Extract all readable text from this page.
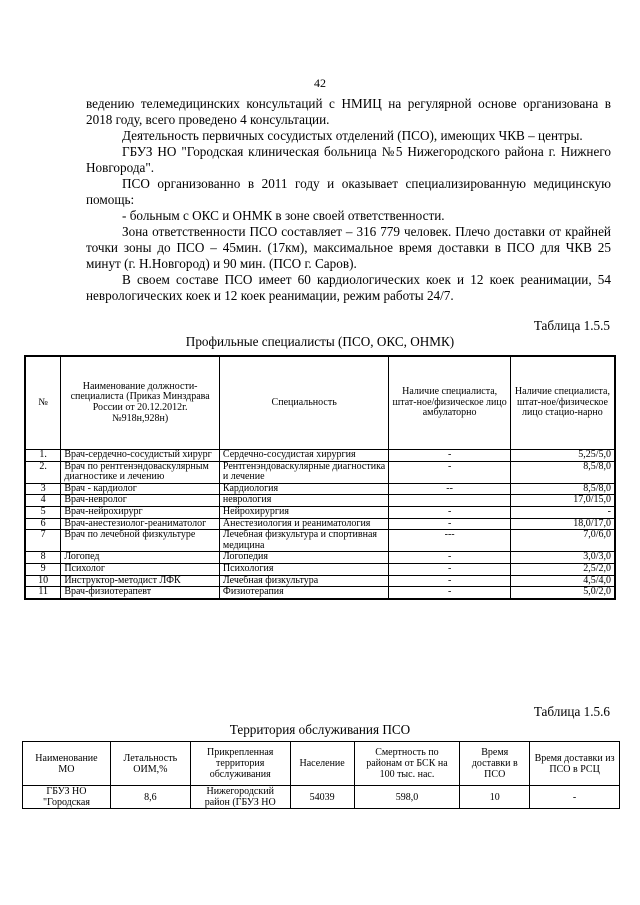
42

ведению телемедицинских консультаций с НМИЦ на регулярной основе организована в 2018 году, всего проведено 4 консультации.

Деятельность первичных сосудистых отделений (ПСО), имеющих ЧКВ – центры.

ГБУЗ НО "Городская клиническая больница №5 Нижегородского района г. Нижнего Новгорода".

ПСО организованно в 2011 году и оказывает специализированную медицинскую помощь:

- больным с ОКС и ОНМК в зоне своей ответственности.

Зона ответственности ПСО составляет – 316 779 человек. Плечо доставки от крайней точки зоны до ПСО – 45мин. (17км), максимальное время доставки в ПСО для ЧКВ 25 минут (г. Н.Новгород) и 90 мин. (ПСО г. Саров).

В своем составе ПСО имеет 60 кардиологических коек и 12 коек реанимации, 54 неврологических коек и 12 коек реанимации, режим работы 24/7.

Таблица 1.5.5
Профильные специалисты (ПСО, ОКС, ОНМК)
№	Наименование должности-специалиста (Приказ Минздрава России от 20.12.2012г. №918н,928н)	Специальность	Наличие специалиста, штат-ное/физическое лицо амбулаторно	Наличие специалиста, штат-ное/физическое лицо стацио-нарно
1.	Врач-сердечно-сосудистый хирург	Сердечно-сосудистая хирургия	-	5,25/5,0
2.	Врач по рентгенэндоваскулярным диагностике и лечению	Рентгенэндоваскулярные диагностика и лечение	-	8,5/8,0
3	Врач - кардиолог	Кардиология	--	8,5/8,0
4	Врач-невролог	неврология		17,0/15,0
5	Врач-нейрохирург	Нейрохирургия	-	-
6	Врач-анестезиолог-реаниматолог	Анестезиология и реаниматология	-	18,0/17,0
7	Врач по лечебной физкультуре	Лечебная физкультура и спортивная медицина	---	7,0/6,0
8	Логопед	Логопедия	-	3,0/3,0
9	Психолог	Психология	-	2,5/2,0
10	Инструктор-методист ЛФК	Лечебная физкультура	-	4,5/4,0
11	Врач-физиотерапевт	Физиотерапия	-	5,0/2,0
Таблица 1.5.6
Территория обслуживания ПСО
Наименование МО	Летальность ОИМ,%	Прикрепленная территория обслуживания	Население	Смертность по районам от БСК на 100 тыс. нас.	Время доставки в ПСО	Время доставки из ПСО в РСЦ
ГБУЗ НО "Городская	8,6	Нижегородский район (ГБУЗ НО	54039	598,0	10	-
